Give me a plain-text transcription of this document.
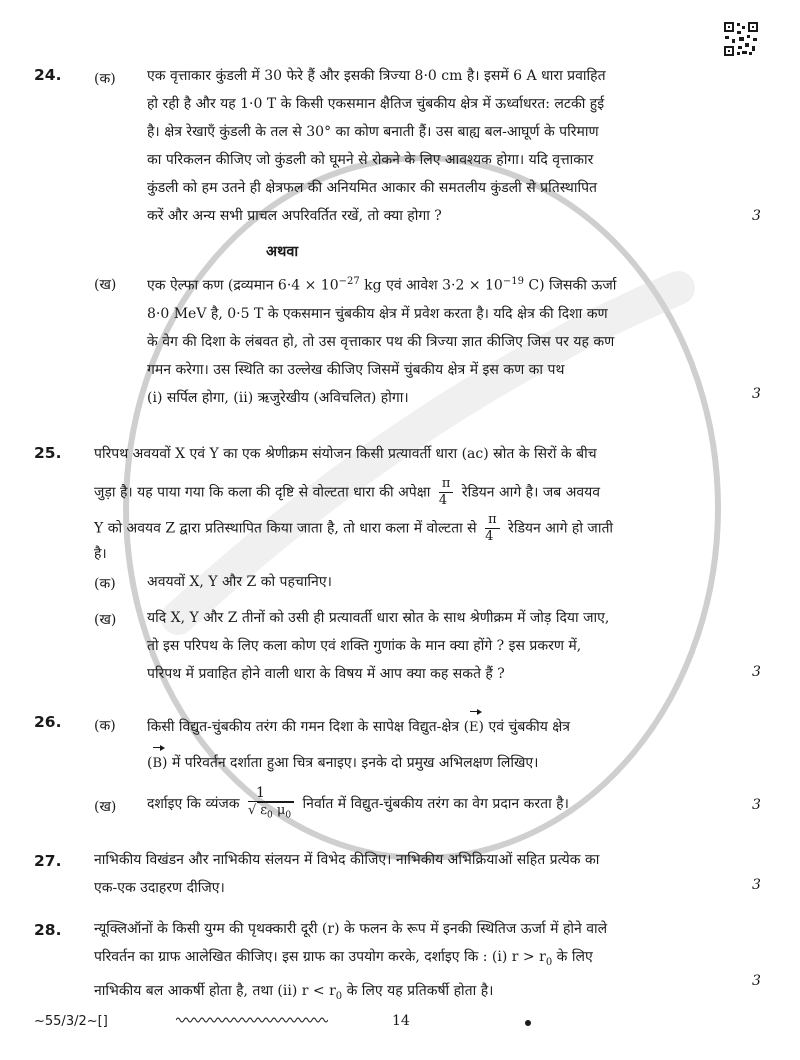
24. (क) एक वृत्ताकार कुंडली में 30 फेरे हैं और इसकी त्रिज्या 8·0 cm है। इसमें 6 A धारा प्रवाहित
हो रही है और यह 1·0 T के किसी एकसमान क्षैतिज चुंबकीय क्षेत्र में ऊर्ध्वाधरत: लटकी हुई
है। क्षेत्र रेखाएँ कुंडली के तल से 30° का कोण बनाती हैं। उस बाह्य बल-आघूर्ण के परिमाण
का परिकलन कीजिए जो कुंडली को घूमने से रोकने के लिए आवश्यक होगा। यदि वृत्ताकार
कुंडली को हम उतने ही क्षेत्रफल की अनियमित आकार की समतलीय कुंडली से प्रतिस्थापित
करें और अन्य सभी प्राचल अपरिवर्तित रखें, तो क्या होगा ?	3
अथवा
(ख) एक ऐल्फा कण (द्रव्यमान $6\cdot 4 \times 10^{-27}$ kg एवं आवेश $3\cdot 2 \times 10^{-19}$ C) जिसकी ऊर्जा
8·0 MeV है, 0·5 T के एकसमान चुंबकीय क्षेत्र में प्रवेश करता है। यदि क्षेत्र की दिशा कण
के वेग की दिशा के लंबवत हो, तो उस वृत्ताकार पथ की त्रिज्या ज्ञात कीजिए जिस पर यह कण
गमन करेगा। उस स्थिति का उल्लेख कीजिए जिसमें चुंबकीय क्षेत्र में इस कण का पथ
(i) सर्पिल होगा, (ii) ऋजुरेखीय (अविचलित) होगा।	3
25. परिपथ अवयवों X एवं Y का एक श्रेणीक्रम संयोजन किसी प्रत्यावर्ती धारा (ac) स्रोत के सिरों के बीच
जुड़ा है। यह पाया गया कि कला की दृष्टि से वोल्टता धारा की अपेक्षा $\frac{\pi}{4}$ रेडियन आगे है। जब अवयव
Y को अवयव Z द्वारा प्रतिस्थापित किया जाता है, तो धारा कला में वोल्टता से $\frac{\pi}{4}$ रेडियन आगे हो जाती
है।
(क) अवयवों X, Y और Z को पहचानिए।
(ख) यदि X, Y और Z तीनों को उसी ही प्रत्यावर्ती धारा स्रोत के साथ श्रेणीक्रम में जोड़ दिया जाए,
तो इस परिपथ के लिए कला कोण एवं शक्ति गुणांक के मान क्या होंगे ? इस प्रकरण में,
परिपथ में प्रवाहित होने वाली धारा के विषय में आप क्या कह सकते हैं ?	3
26. (क) किसी विद्युत-चुंबकीय तरंग की गमन दिशा के सापेक्ष विद्युत-क्षेत्र (E) एवं चुंबकीय क्षेत्र
(B) में परिवर्तन दर्शाता हुआ चित्र बनाइए। इनके दो प्रमुख अभिलक्षण लिखिए।
(ख) दर्शाइए कि व्यंजक $\frac{1}{√ \varepsilon_0 \mu_0}$ निर्वात में विद्युत-चुंबकीय तरंग का वेग प्रदान करता है।	3
27. नाभिकीय विखंडन और नाभिकीय संलयन में विभेद कीजिए। नाभिकीय अभिक्रियाओं सहित प्रत्येक का
एक-एक उदाहरण दीजिए।	3
28. न्यूक्लिऑनों के किसी युग्म की पृथक्कारी दूरी (r) के फलन के रूप में इनकी स्थितिज ऊर्जा में होने वाले
परिवर्तन का ग्राफ आलेखित कीजिए। इस ग्राफ का उपयोग करके, दर्शाइए कि : (i) $r > r_0$ के लिए
नाभिकीय बल आकर्षी होता है, तथा (ii) $r < r_0$ के लिए यह प्रतिकर्षी होता है।
3
~55/3/2~[]	14
